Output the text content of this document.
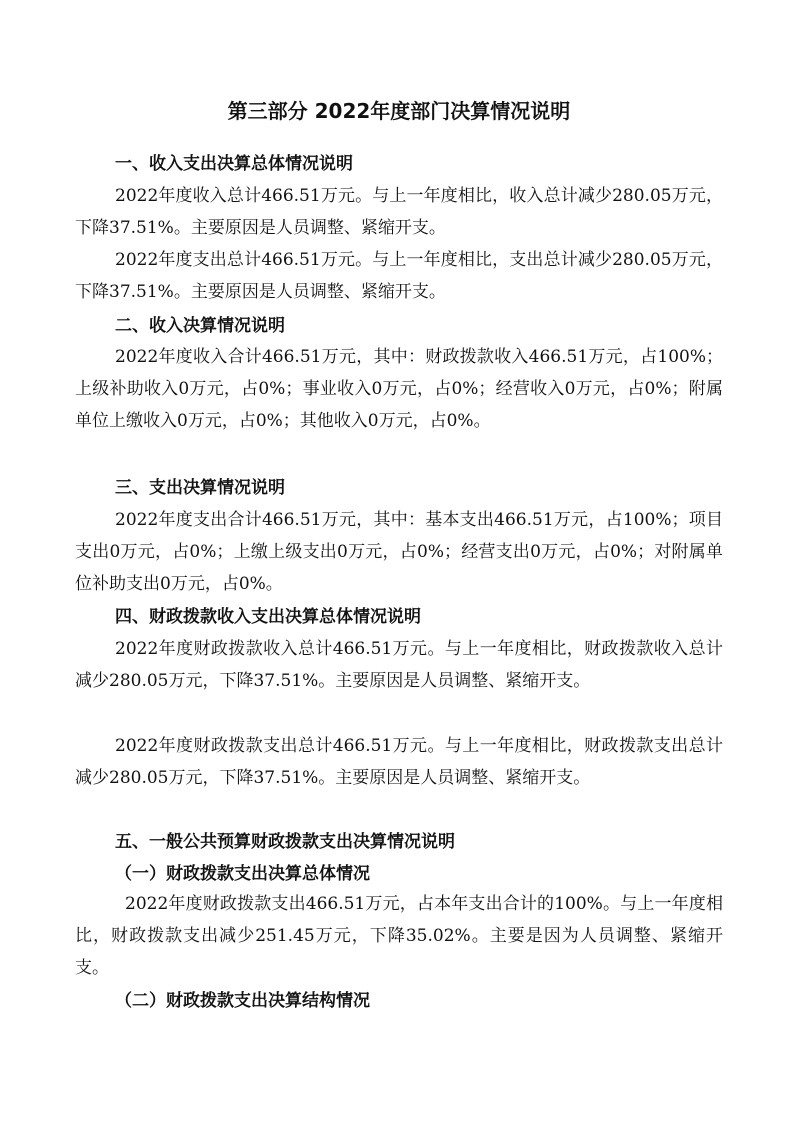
第三部分 2022年度部门决算情况说明
一、收入支出决算总体情况说明

2022年度收入总计466.51万元。与上一年度相比，收入总计减少280.05万元，下降37.51%。主要原因是人员调整、紧缩开支。

2022年度支出总计466.51万元。与上一年度相比，支出总计减少280.05万元，下降37.51%。主要原因是人员调整、紧缩开支。

二、收入决算情况说明

2022年度收入合计466.51万元，其中：财政拨款收入466.51万元，占100%；上级补助收入0万元，占0%；事业收入0万元，占0%；经营收入0万元，占0%；附属单位上缴收入0万元，占0%；其他收入0万元，占0%。

三、支出决算情况说明

2022年度支出合计466.51万元，其中：基本支出466.51万元，占100%；项目支出0万元，占0%；上缴上级支出0万元，占0%；经营支出0万元，占0%；对附属单位补助支出0万元，占0%。

四、财政拨款收入支出决算总体情况说明

2022年度财政拨款收入总计466.51万元。与上一年度相比，财政拨款收入总计减少280.05万元，下降37.51%。主要原因是人员调整、紧缩开支。

2022年度财政拨款支出总计466.51万元。与上一年度相比，财政拨款支出总计减少280.05万元，下降37.51%。主要原因是人员调整、紧缩开支。

五、一般公共预算财政拨款支出决算情况说明
（一）财政拨款支出决算总体情况

2022年度财政拨款支出466.51万元，占本年支出合计的100%。与上一年度相比，财政拨款支出减少251.45万元，下降35.02%。主要是因为人员调整、紧缩开支。

（二）财政拨款支出决算结构情况
